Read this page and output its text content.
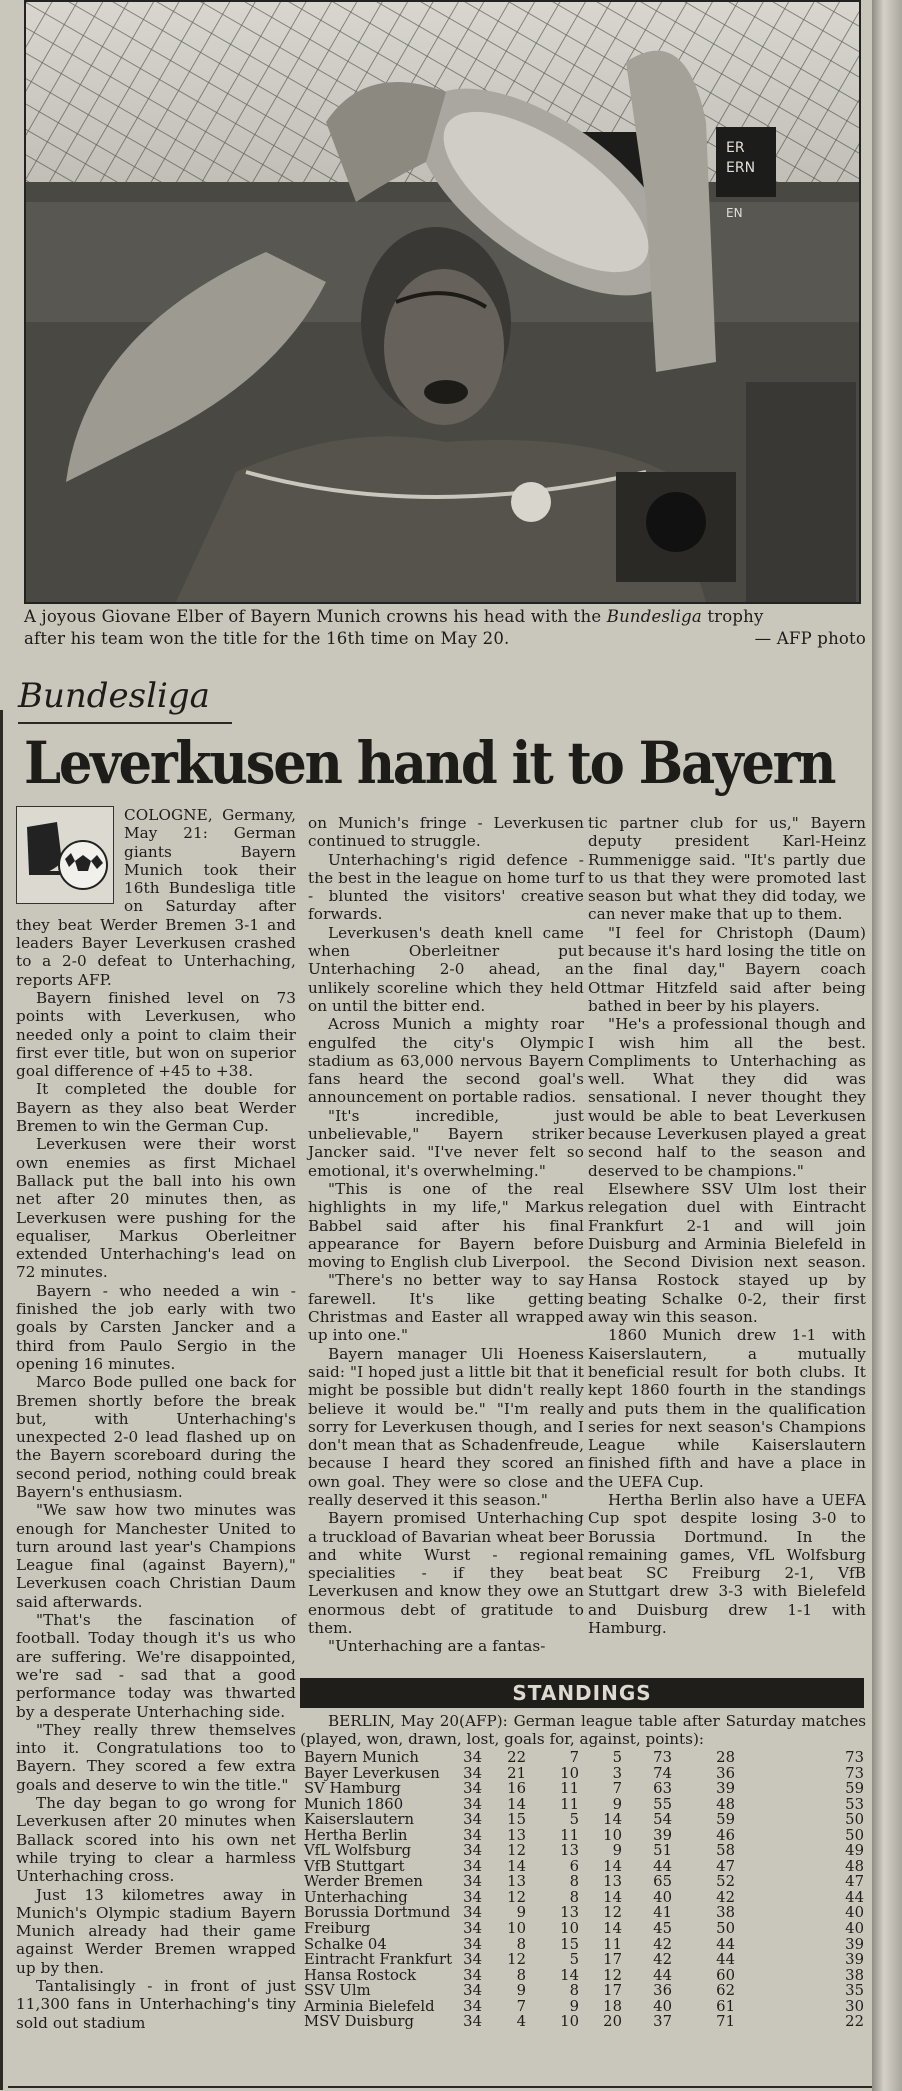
ER
ERN
EN
A joyous Giovane Elber of Bayern Munich crowns his head with the Bundesliga trophy
after his team won the title for the 16th time on May 20.	— AFP photo
Bundesliga
Leverkusen hand it to Bayern

COLOGNE, Germany, May 21: German giants Bayern Munich took their 16th Bundesliga title on Saturday after they beat Werder Bremen 3-1 and leaders Bayer Leverkusen crashed to a 2-0 defeat to Unterhaching, reports AFP.

Bayern finished level on 73 points with Leverkusen, who needed only a point to claim their first ever title, but won on superior goal difference of +45 to +38.

It completed the double for Bayern as they also beat Werder Bremen to win the German Cup.

Leverkusen were their worst own enemies as first Michael Ballack put the ball into his own net after 20 minutes then, as Leverkusen were pushing for the equaliser, Markus Oberleitner extended Unterhaching's lead on 72 minutes.

Bayern - who needed a win - finished the job early with two goals by Carsten Jancker and a third from Paulo Sergio in the opening 16 minutes.

Marco Bode pulled one back for Bremen shortly before the break but, with Unterhaching's unexpected 2-0 lead flashed up on the Bayern scoreboard during the second period, nothing could break Bayern's enthusiasm.

"We saw how two minutes was enough for Manchester United to turn around last year's Champions League final (against Bayern)," Leverkusen coach Christian Daum said afterwards.

"That's the fascination of football. Today though it's us who are suffering. We're disappointed, we're sad - sad that a good performance today was thwarted by a desperate Unterhaching side.

"They really threw themselves into it. Congratulations too to Bayern. They scored a few extra goals and deserve to win the title."

The day began to go wrong for Leverkusen after 20 minutes when Ballack scored into his own net while trying to clear a harmless Unterhaching cross.

Just 13 kilometres away in Munich's Olympic stadium Bayern Munich already had their game against Werder Bremen wrapped up by then.

Tantalisingly - in front of just 11,300 fans in Unterhaching's tiny sold out stadium

on Munich's fringe - Leverkusen continued to struggle.

Unterhaching's rigid defence - the best in the league on home turf - blunted the visitors' creative forwards.

Leverkusen's death knell came when Oberleitner put Unterhaching 2-0 ahead, an unlikely scoreline which they held on until the bitter end.

Across Munich a mighty roar engulfed the city's Olympic stadium as 63,000 nervous Bayern fans heard the second goal's announcement on portable radios.

"It's incredible, just unbelievable," Bayern striker Jancker said. "I've never felt so emotional, it's overwhelming."

"This is one of the real highlights in my life," Markus Babbel said after his final appearance for Bayern before moving to English club Liverpool.

"There's no better way to say farewell. It's like getting Christmas and Easter all wrapped up into one."

Bayern manager Uli Hoeness said: "I hoped just a little bit that it might be possible but didn't really believe it would be." "I'm really sorry for Leverkusen though, and I don't mean that as Schadenfreude, because I heard they scored an own goal. They were so close and really deserved it this season."

Bayern promised Unterhaching a truckload of Bavarian wheat beer and white Wurst - regional specialities - if they beat Leverkusen and know they owe an enormous debt of gratitude to them.

"Unterhaching are a fantas-

tic partner club for us," Bayern deputy president Karl-Heinz Rummenigge said. "It's partly due to us that they were promoted last season but what they did today, we can never make that up to them.

"I feel for Christoph (Daum) because it's hard losing the title on the final day," Bayern coach Ottmar Hitzfeld said after being bathed in beer by his players.

"He's a professional though and I wish him all the best. Compliments to Unterhaching as well. What they did was sensational. I never thought they would be able to beat Leverkusen because Leverkusen played a great second half to the season and deserved to be champions."

Elsewhere SSV Ulm lost their relegation duel with Eintracht Frankfurt 2-1 and will join Duisburg and Arminia Bielefeld in the Second Division next season. Hansa Rostock stayed up by beating Schalke 0-2, their first away win this season.

1860 Munich drew 1-1 with Kaiserslautern, a mutually beneficial result for both clubs. It kept 1860 fourth in the standings and puts them in the qualification series for next season's Champions League while Kaiserslautern finished fifth and have a place in the UEFA Cup.

Hertha Berlin also have a UEFA Cup spot despite losing 3-0 to Borussia Dortmund. In the remaining games, VfL Wolfsburg beat SC Freiburg 2-1, VfB Stuttgart drew 3-3 with Bielefeld and Duisburg drew 1-1 with Hamburg.

STANDINGS
BERLIN, May 20(AFP): German league table after Saturday matches (played, won, drawn, lost, goals for, against, points):
Bayern Munich	34 22	7 5 73	28	73
Bayer Leverkusen 34 21 10 3 74	36	73
SV Hamburg	34 16 11 7 63	39	59
Munich 1860	34 14 11 9 55	48	53
Kaiserslautern	34 15	5 14 54	59	50
Hertha Berlin	34 13 11 10 39	46	50
VfL Wolfsburg	34 12 13 9 51	58	49
VfB Stuttgart	34 14	6 14 44	47	48
Werder Bremen	34 13	8 13 65	52	47
Unterhaching	34 12	8 14 40	42	44
Borussia Dortmund 34 9 13 12 41	38	40
Freiburg	34 10 10 14 45	50	40
Schalke 04	34 8 15 11 42	44	39
Eintracht Frankfurt 34 12	5 17 42	44	39
Hansa Rostock	34 8 14 12 44	60	38
SSV Ulm	34 9	8 17 36	62	35
Arminia Bielefeld 34 7	9 18 40	61	30
MSV Duisburg	34 4 10 20 37	71	22
